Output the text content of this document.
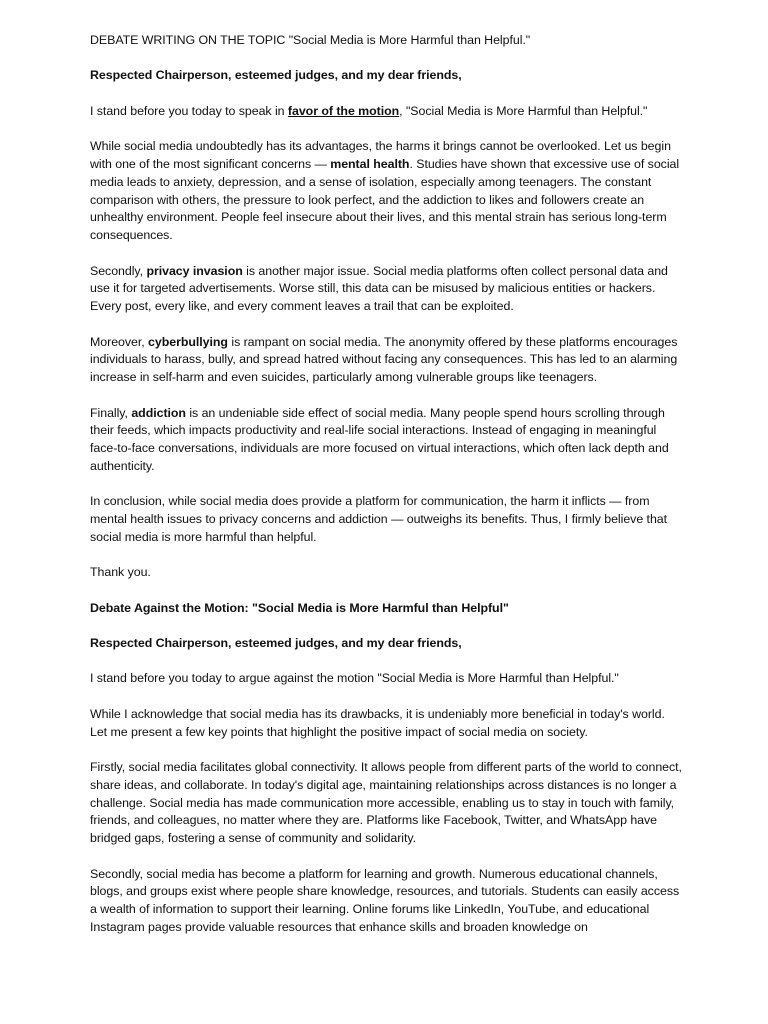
DEBATE WRITING ON THE TOPIC "Social Media is More Harmful than Helpful."

Respected Chairperson, esteemed judges, and my dear friends,

I stand before you today to speak in favor of the motion, "Social Media is More Harmful than Helpful."

While social media undoubtedly has its advantages, the harms it brings cannot be overlooked. Let us begin with one of the most significant concerns — mental health. Studies have shown that excessive use of social media leads to anxiety, depression, and a sense of isolation, especially among teenagers. The constant comparison with others, the pressure to look perfect, and the addiction to likes and followers create an unhealthy environment. People feel insecure about their lives, and this mental strain has serious long-term consequences.

Secondly, privacy invasion is another major issue. Social media platforms often collect personal data and use it for targeted advertisements. Worse still, this data can be misused by malicious entities or hackers. Every post, every like, and every comment leaves a trail that can be exploited.

Moreover, cyberbullying is rampant on social media. The anonymity offered by these platforms encourages individuals to harass, bully, and spread hatred without facing any consequences. This has led to an alarming increase in self-harm and even suicides, particularly among vulnerable groups like teenagers.

Finally, addiction is an undeniable side effect of social media. Many people spend hours scrolling through their feeds, which impacts productivity and real-life social interactions. Instead of engaging in meaningful face-to-face conversations, individuals are more focused on virtual interactions, which often lack depth and authenticity.

In conclusion, while social media does provide a platform for communication, the harm it inflicts — from mental health issues to privacy concerns and addiction — outweighs its benefits. Thus, I firmly believe that social media is more harmful than helpful.

Thank you.

Debate Against the Motion: "Social Media is More Harmful than Helpful"

Respected Chairperson, esteemed judges, and my dear friends,

I stand before you today to argue against the motion "Social Media is More Harmful than Helpful."

While I acknowledge that social media has its drawbacks, it is undeniably more beneficial in today's world. Let me present a few key points that highlight the positive impact of social media on society.

Firstly, social media facilitates global connectivity. It allows people from different parts of the world to connect, share ideas, and collaborate. In today's digital age, maintaining relationships across distances is no longer a challenge. Social media has made communication more accessible, enabling us to stay in touch with family, friends, and colleagues, no matter where they are. Platforms like Facebook, Twitter, and WhatsApp have bridged gaps, fostering a sense of community and solidarity.

Secondly, social media has become a platform for learning and growth. Numerous educational channels, blogs, and groups exist where people share knowledge, resources, and tutorials. Students can easily access a wealth of information to support their learning. Online forums like LinkedIn, YouTube, and educational Instagram pages provide valuable resources that enhance skills and broaden knowledge on
